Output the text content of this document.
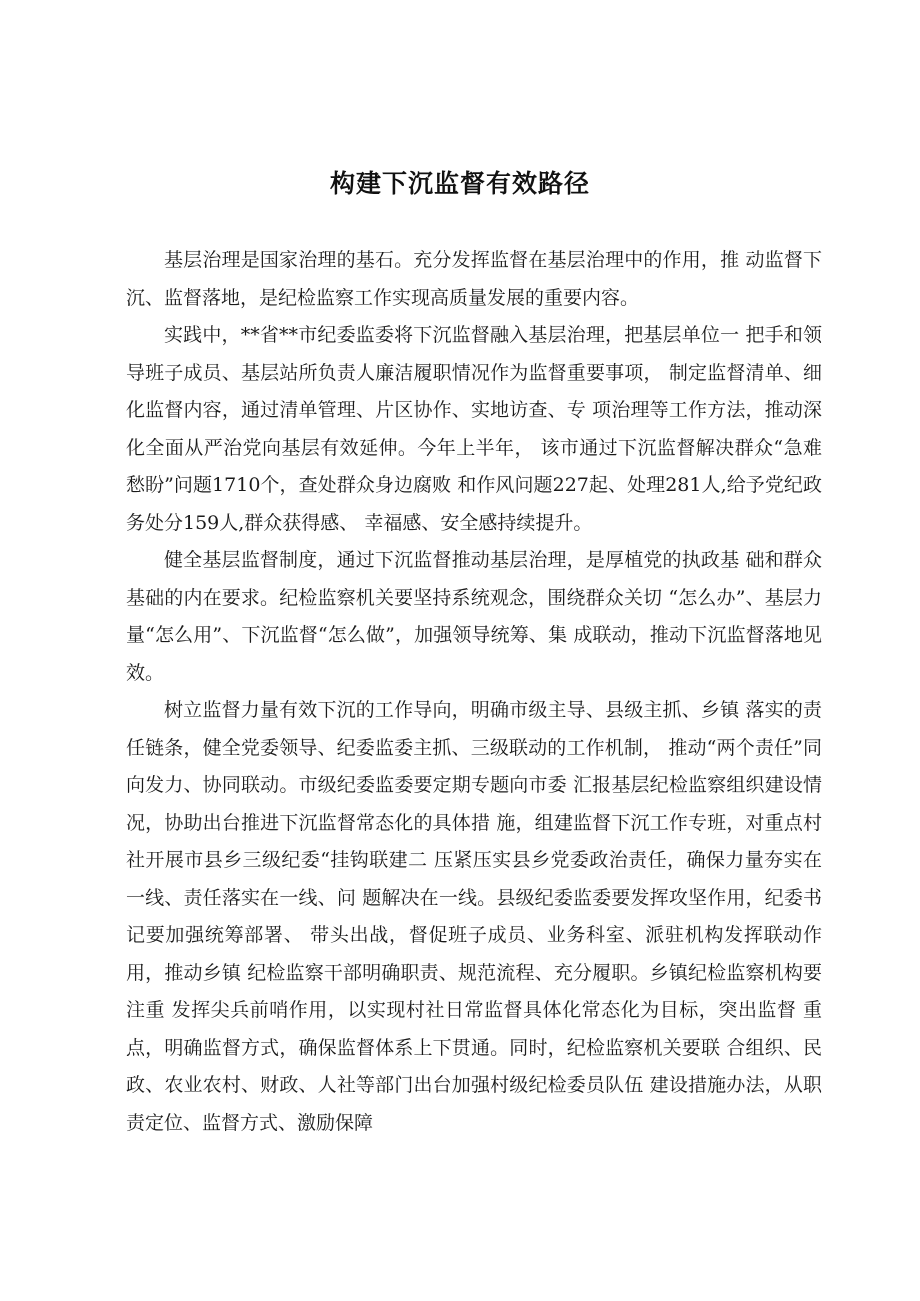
构建下沉监督有效路径

基层治理是国家治理的基石。充分发挥监督在基层治理中的作用，推 动监督下沉、监督落地，是纪检监察工作实现高质量发展的重要内容。

实践中，**省**市纪委监委将下沉监督融入基层治理，把基层单位一 把手和领导班子成员、基层站所负责人廉洁履职情况作为监督重要事项， 制定监督清单、细化监督内容，通过清单管理、片区协作、实地访查、专 项治理等工作方法，推动深化全面从严治党向基层有效延伸。今年上半年， 该市通过下沉监督解决群众“急难愁盼”问题1710个，查处群众身边腐败 和作风问题227起、处理281人,给予党纪政务处分159人,群众获得感、 幸福感、安全感持续提升。

健全基层监督制度，通过下沉监督推动基层治理，是厚植党的执政基 础和群众基础的内在要求。纪检监察机关要坚持系统观念，围绕群众关切 “怎么办”、基层力量“怎么用”、下沉监督“怎么做”，加强领导统筹、集 成联动，推动下沉监督落地见效。

树立监督力量有效下沉的工作导向，明确市级主导、县级主抓、乡镇 落实的责任链条，健全党委领导、纪委监委主抓、三级联动的工作机制， 推动“两个责任”同向发力、协同联动。市级纪委监委要定期专题向市委 汇报基层纪检监察组织建设情况，协助出台推进下沉监督常态化的具体措 施，组建监督下沉工作专班，对重点村社开展市县乡三级纪委“挂钩联建二 压紧压实县乡党委政治责任，确保力量夯实在一线、责任落实在一线、问 题解决在一线。县级纪委监委要发挥攻坚作用，纪委书记要加强统筹部署、 带头出战，督促班子成员、业务科室、派驻机构发挥联动作用，推动乡镇 纪检监察干部明确职责、规范流程、充分履职。乡镇纪检监察机构要注重 发挥尖兵前哨作用，以实现村社日常监督具体化常态化为目标，突出监督 重点，明确监督方式，确保监督体系上下贯通。同时，纪检监察机关要联 合组织、民政、农业农村、财政、人社等部门出台加强村级纪检委员队伍 建设措施办法，从职责定位、监督方式、激励保障
